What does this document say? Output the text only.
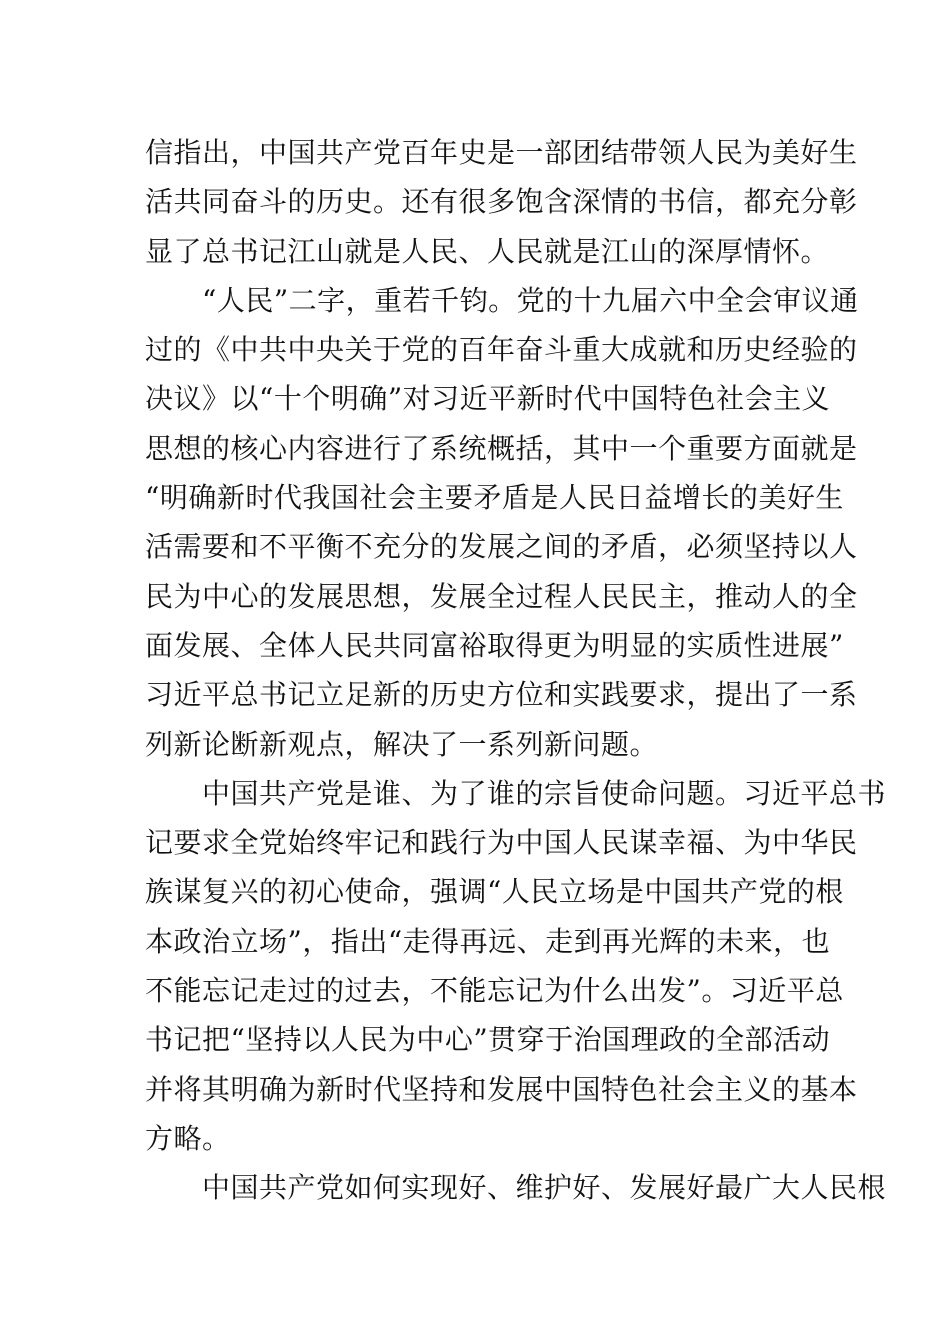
信指出，中国共产党百年史是一部团结带领人民为美好生
活共同奋斗的历史。还有很多饱含深情的书信，都充分彰
显了总书记江山就是人民、人民就是江山的深厚情怀。
　　“人民”二字，重若千钧。党的十九届六中全会审议通
过的《中共中央关于党的百年奋斗重大成就和历史经验的
决议》以“十个明确”对习近平新时代中国特色社会主义
思想的核心内容进行了系统概括，其中一个重要方面就是
“明确新时代我国社会主要矛盾是人民日益增长的美好生
活需要和不平衡不充分的发展之间的矛盾，必须坚持以人
民为中心的发展思想，发展全过程人民民主，推动人的全
面发展、全体人民共同富裕取得更为明显的实质性进展”
习近平总书记立足新的历史方位和实践要求，提出了一系
列新论断新观点，解决了一系列新问题。
　　中国共产党是谁、为了谁的宗旨使命问题。习近平总书
记要求全党始终牢记和践行为中国人民谋幸福、为中华民
族谋复兴的初心使命，强调“人民立场是中国共产党的根
本政治立场”，指出“走得再远、走到再光辉的未来，也
不能忘记走过的过去，不能忘记为什么出发”。习近平总
书记把“坚持以人民为中心”贯穿于治国理政的全部活动
并将其明确为新时代坚持和发展中国特色社会主义的基本
方略。
　　中国共产党如何实现好、维护好、发展好最广大人民根
